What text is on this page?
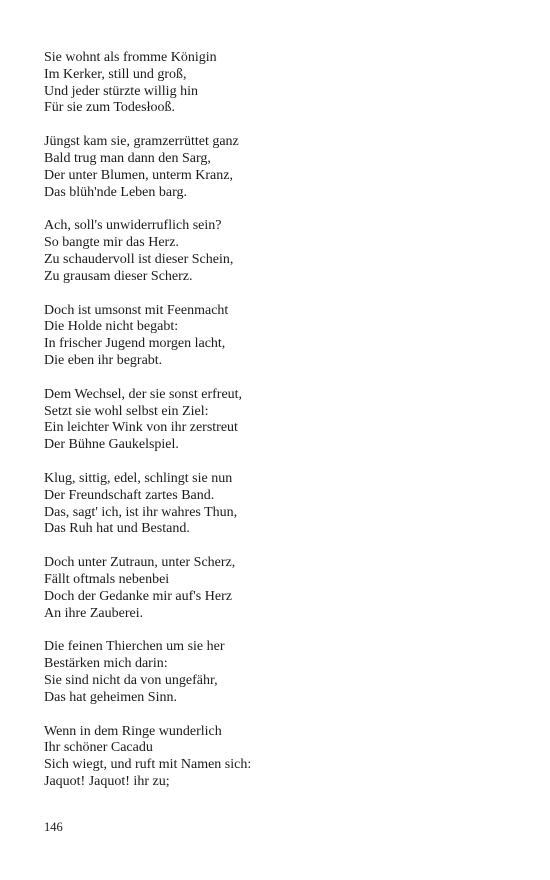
Sie wohnt als fromme Königin
Im Kerker, still und groß,
Und jeder stürzte willig hin
Für sie zum Todesłooß.
Jüngst kam sie, gramzerrüttet ganz
Bald trug man dann den Sarg,
Der unter Blumen, unterm Kranz,
Das blüh'nde Leben barg.
Ach, soll's unwiderruflich sein?
So bangte mir das Herz.
Zu schaudervoll ist dieser Schein,
Zu grausam dieser Scherz.
Doch ist umsonst mit Feenmacht
Die Holde nicht begabt:
In frischer Jugend morgen lacht,
Die eben ihr begrabt.
Dem Wechsel, der sie sonst erfreut,
Setzt sie wohl selbst ein Ziel:
Ein leichter Wink von ihr zerstreut
Der Bühne Gaukelspiel.
Klug, sittig, edel, schlingt sie nun
Der Freundschaft zartes Band.
Das, sagt' ich, ist ihr wahres Thun,
Das Ruh hat und Bestand.
Doch unter Zutraun, unter Scherz,
Fällt oftmals nebenbei
Doch der Gedanke mir auf's Herz
An ihre Zauberei.
Die feinen Thierchen um sie her
Bestärken mich darin:
Sie sind nicht da von ungefähr,
Das hat geheimen Sinn.
Wenn in dem Ringe wunderlich
Ihr schöner Cacadu
Sich wiegt, und ruft mit Namen sich:
Jaquot! Jaquot! ihr zu;
146
